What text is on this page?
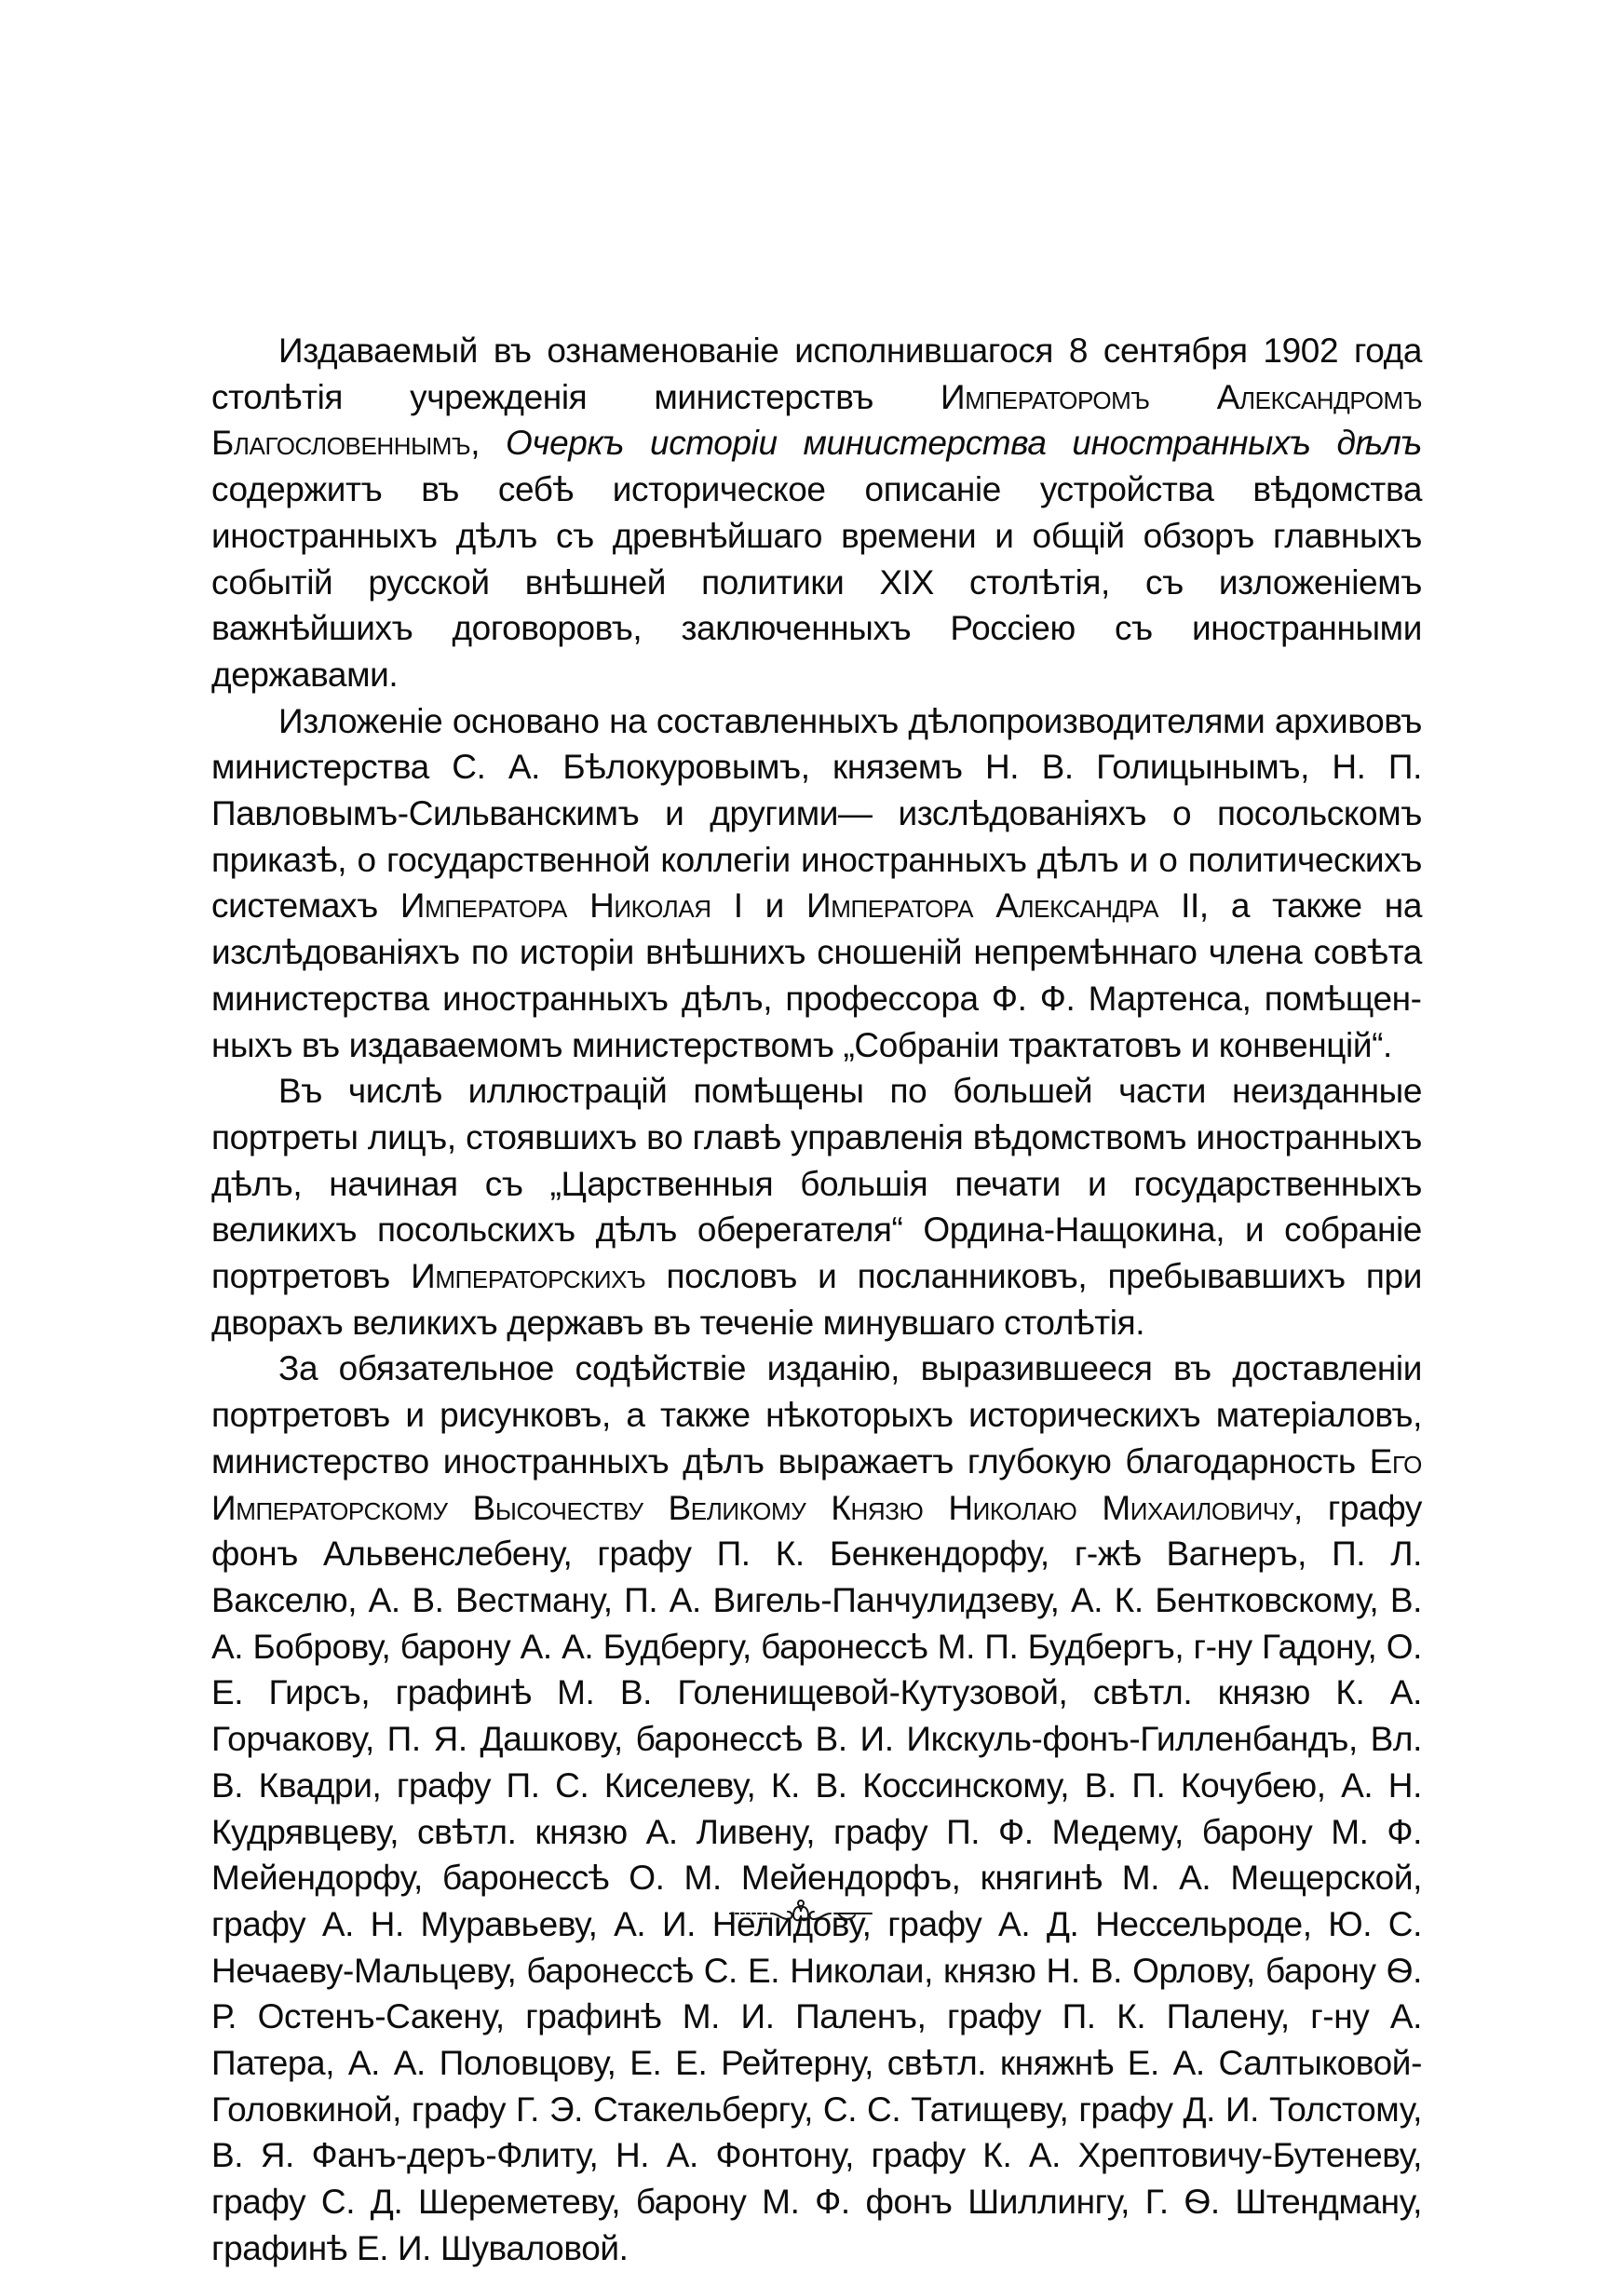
Издаваемый въ ознаменованіе исполнившагося 8 сентября 1902 года столѣтія учрежденія министерствъ Императоромъ Александромъ Благословеннымъ, Очеркъ исторіи министерства иностранныхъ дѣлъ содержитъ въ себѣ историческое описаніе устройства вѣдомства иностранныхъ дѣлъ съ древнѣйшаго времени и общій обзоръ главныхъ событій русской внѣшней политики XIX столѣтія, съ изложеніемъ важнѣйшихъ договоровъ, заключенныхъ Россіею съ иностранными державами.

Изложеніе основано на составленныхъ дѣлопроизводителями архивовъ министерства С. А. Бѣлокуровымъ, княземъ Н. В. Голицынымъ, Н. П. Павловымъ-Сильванскимъ и другими— изслѣдованіяхъ о посольскомъ приказѣ, о государственной коллегіи иностранныхъ дѣлъ и о политическихъ системахъ Императора Николая I и Императора Александра II, а также на изслѣдованіяхъ по исторіи внѣшнихъ сношеній непремѣннаго члена совѣта министерства иностранныхъ дѣлъ, профессора Ф. Ф. Мартенса, помѣщенныхъ въ издаваемомъ министерствомъ „Собраніи трактатовъ и конвенцій“.

Въ числѣ иллюстрацій помѣщены по большей части неизданные портреты лицъ, стоявшихъ во главѣ управленія вѣдомствомъ иностранныхъ дѣлъ, начиная съ „Царственныя большія печати и государственныхъ великихъ посольскихъ дѣлъ оберегателя“ Ордина-Нащокина, и собраніе портретовъ Императорскихъ пословъ и посланниковъ, пребывавшихъ при дворахъ великихъ державъ въ теченіе минувшаго столѣтія.

За обязательное содѣйствіе изданію, выразившееся въ доставленіи портретовъ и рисунковъ, а также нѣкоторыхъ историческихъ матеріаловъ, министерство иностранныхъ дѣлъ выражаетъ глубокую благодарность Его Императорскому Высочеству Великому Князю Николаю Михаиловичу, графу фонъ Альвенслебену, графу П. К. Бенкендорфу, г-жѣ Вагнеръ, П. Л. Вакселю, А. В. Вестману, П. А. Вигель-Панчулидзеву, А. К. Бентковскому, В. А. Боброву, барону А. А. Будбергу, баронессѣ М. П. Будбергъ, г-ну Гадону, О. Е. Гирсъ, графинѣ М. В. Голенищевой-Кутузовой, свѣтл. князю К. А. Горчакову, П. Я. Дашкову, баронессѣ В. И. Икскуль-фонъ-Гилленбандъ, Вл. В. Квадри, графу П. С. Киселеву, К. В. Коссинскому, В. П. Кочубею, А. Н. Кудрявцеву, свѣтл. князю А. Ливену, графу П. Ф. Медему, барону М. Ф. Мейендорфу, баронессѣ О. М. Мейендорфъ, княгинѣ М. А. Мещерской, графу А. Н. Муравьеву, А. И. Нелидову, графу А. Д. Нессельроде, Ю. С. Нечаеву-Мальцеву, баронессѣ С. Е. Николаи, князю Н. В. Орлову, барону Ѳ. Р. Остенъ-Сакену, графинѣ М. И. Паленъ, графу П. К. Палену, г-ну А. Патера, А. А. Половцову, Е. Е. Рейтерну, свѣтл. княжнѣ Е. А. Салтыковой-Головкиной, графу Г. Э. Стакельбергу, С. С. Татищеву, графу Д. И. Толстому, В. Я. Фанъ-деръ-Флиту, Н. А. Фонтону, графу К. А. Хрептовичу-Бутеневу, графу С. Д. Шереметеву, барону М. Ф. фонъ Шиллингу, Г. Ѳ. Штендману, графинѣ Е. И. Шуваловой.
